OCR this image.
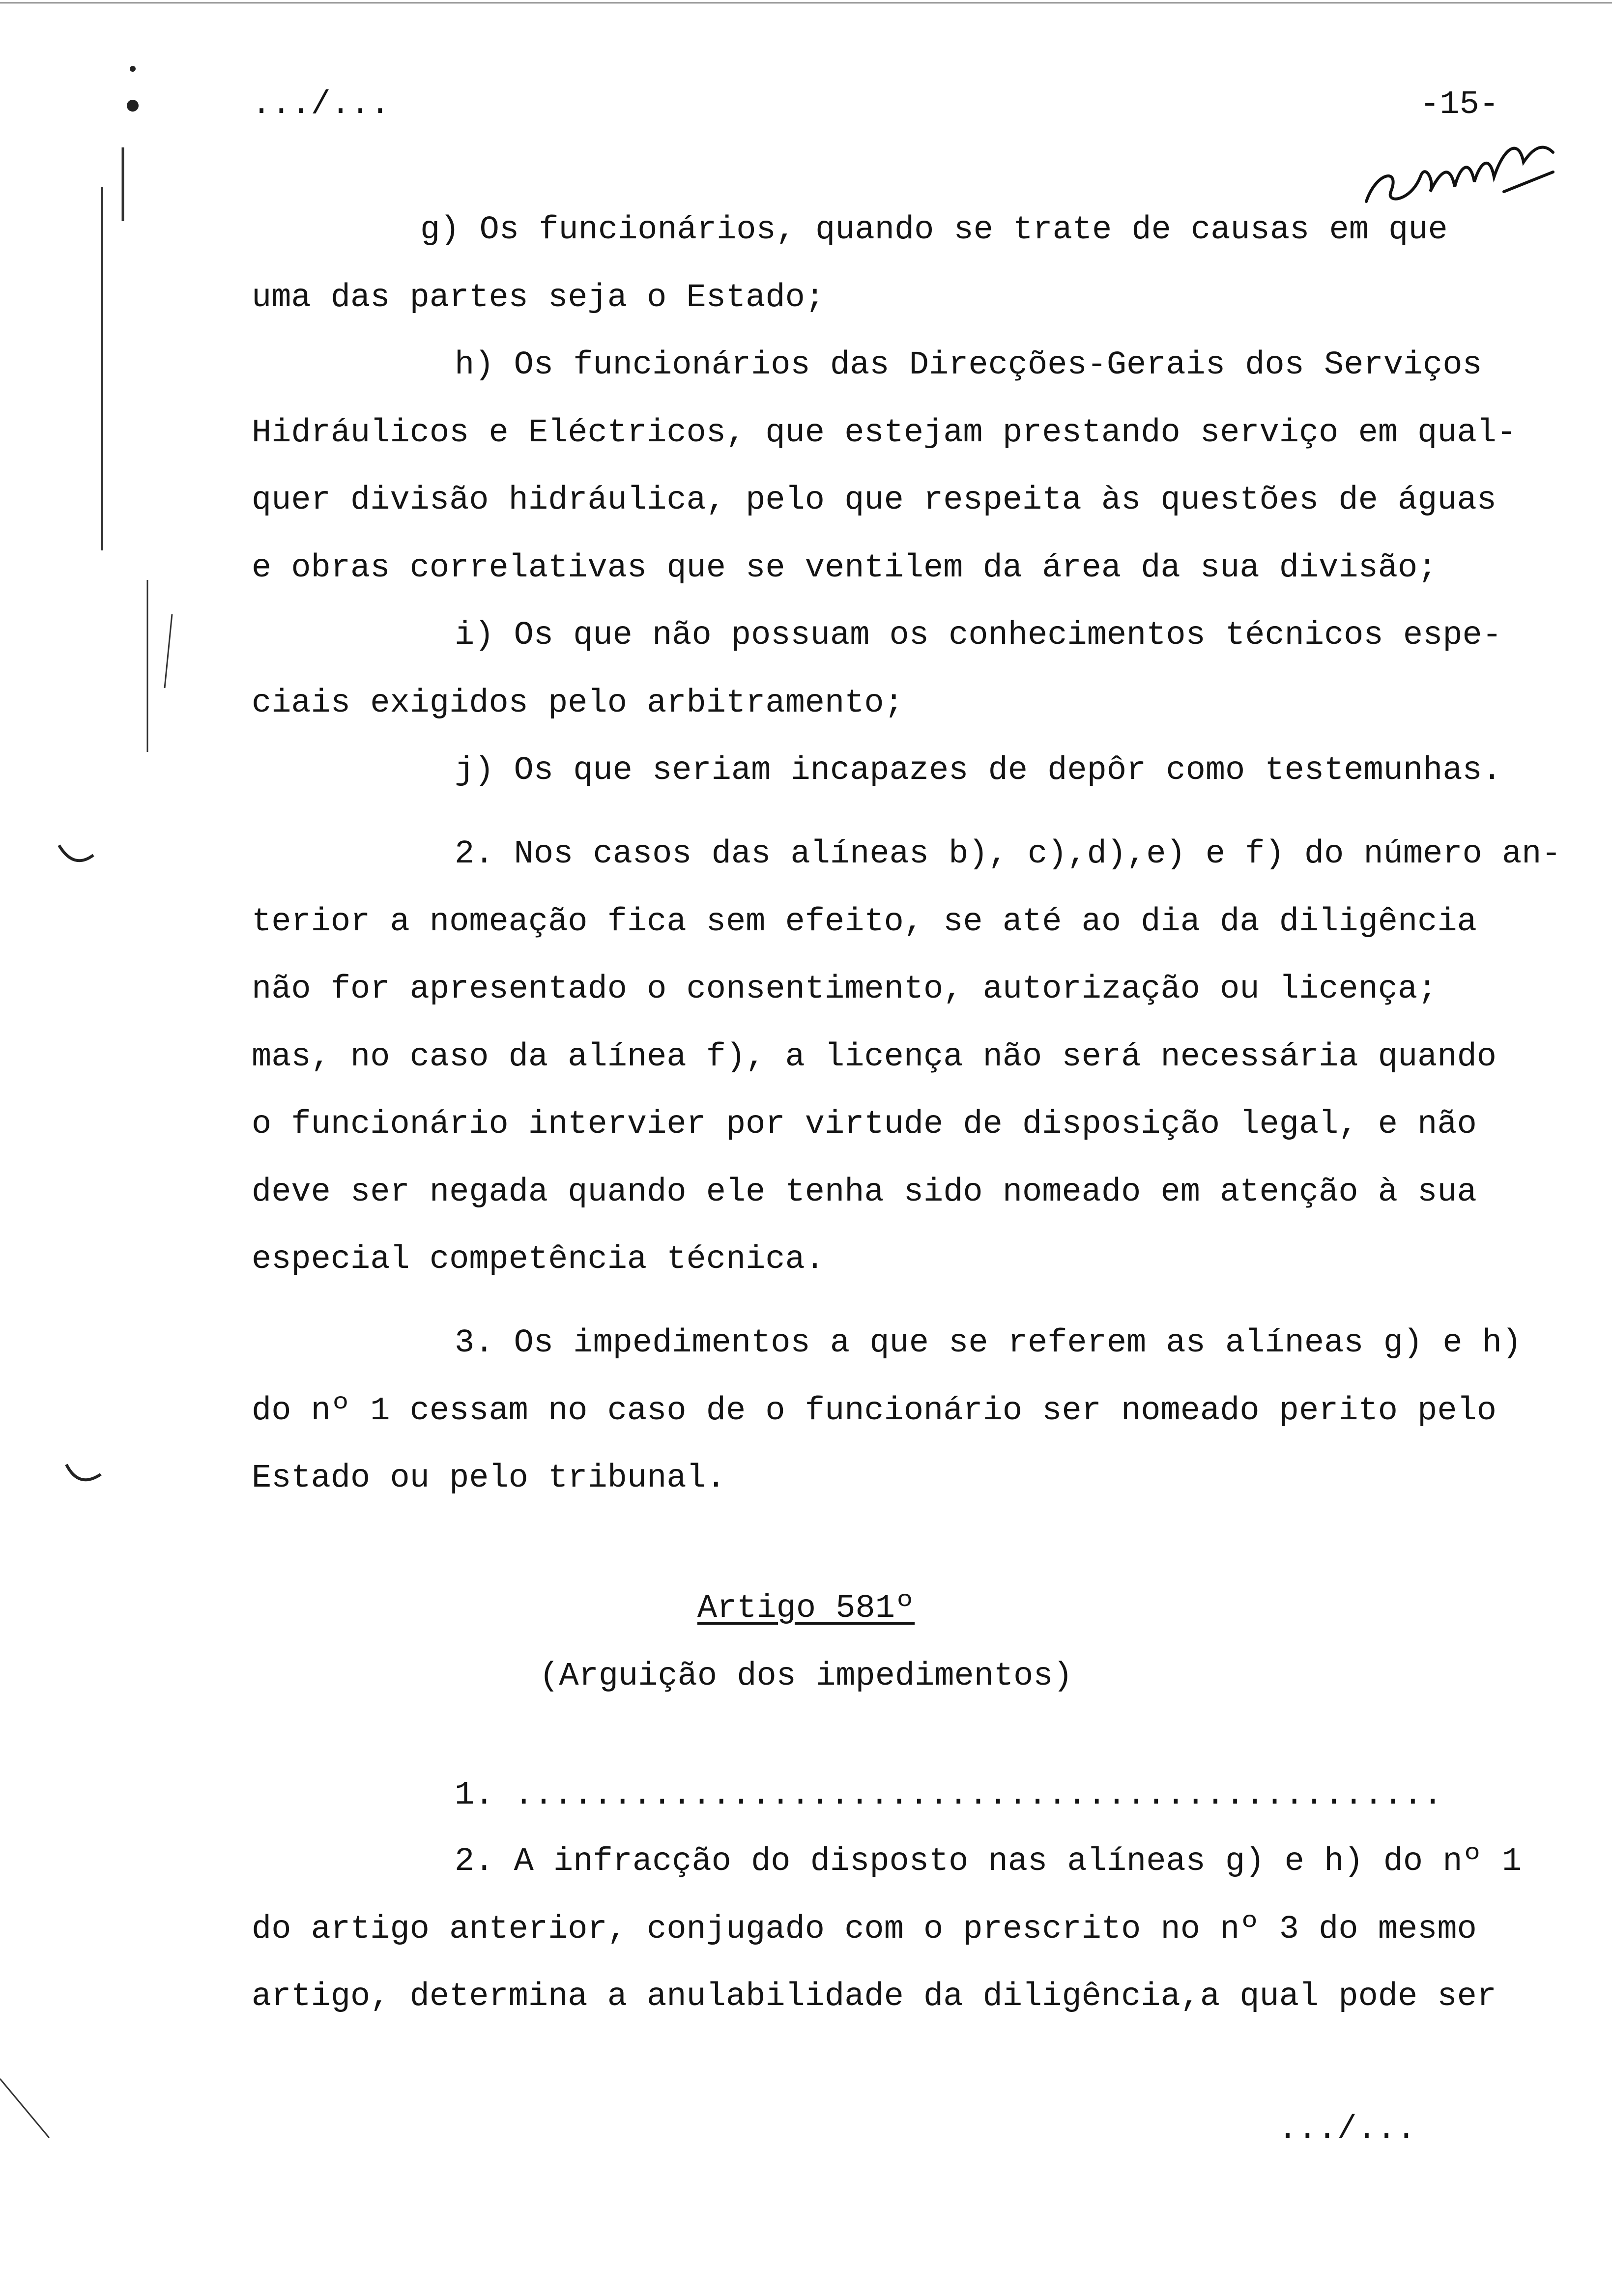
.../...	-15-
g) Os funcionários, quando se trate de causas em que
uma das partes seja o Estado;
h) Os funcionários das Direcções-Gerais dos Serviços
Hidráulicos e Eléctricos, que estejam prestando serviço em qual-
quer divisão hidráulica, pelo que respeita às questões de águas
e obras correlativas que se ventilem da área da sua divisão;
i) Os que não possuam os conhecimentos técnicos espe-
ciais exigidos pelo arbitramento;
j) Os que seriam incapazes de depôr como testemunhas.
2. Nos casos das alíneas b), c),d),e) e f) do número an-
terior a nomeação fica sem efeito, se até ao dia da diligência
não for apresentado o consentimento, autorização ou licença;
mas, no caso da alínea f), a licença não será necessária quando
o funcionário intervier por virtude de disposição legal, e não
deve ser negada quando ele tenha sido nomeado em atenção à sua
especial competência técnica.
3. Os impedimentos a que se referem as alíneas g) e h)
do nº 1 cessam no caso de o funcionário ser nomeado perito pelo
Estado ou pelo tribunal.
Artigo 581º
(Arguição dos impedimentos)
1. ...............................................
2. A infracção do disposto nas alíneas g) e h) do nº 1
do artigo anterior, conjugado com o prescrito no nº 3 do mesmo
artigo, determina a anulabilidade da diligência,a qual pode ser
.../...
